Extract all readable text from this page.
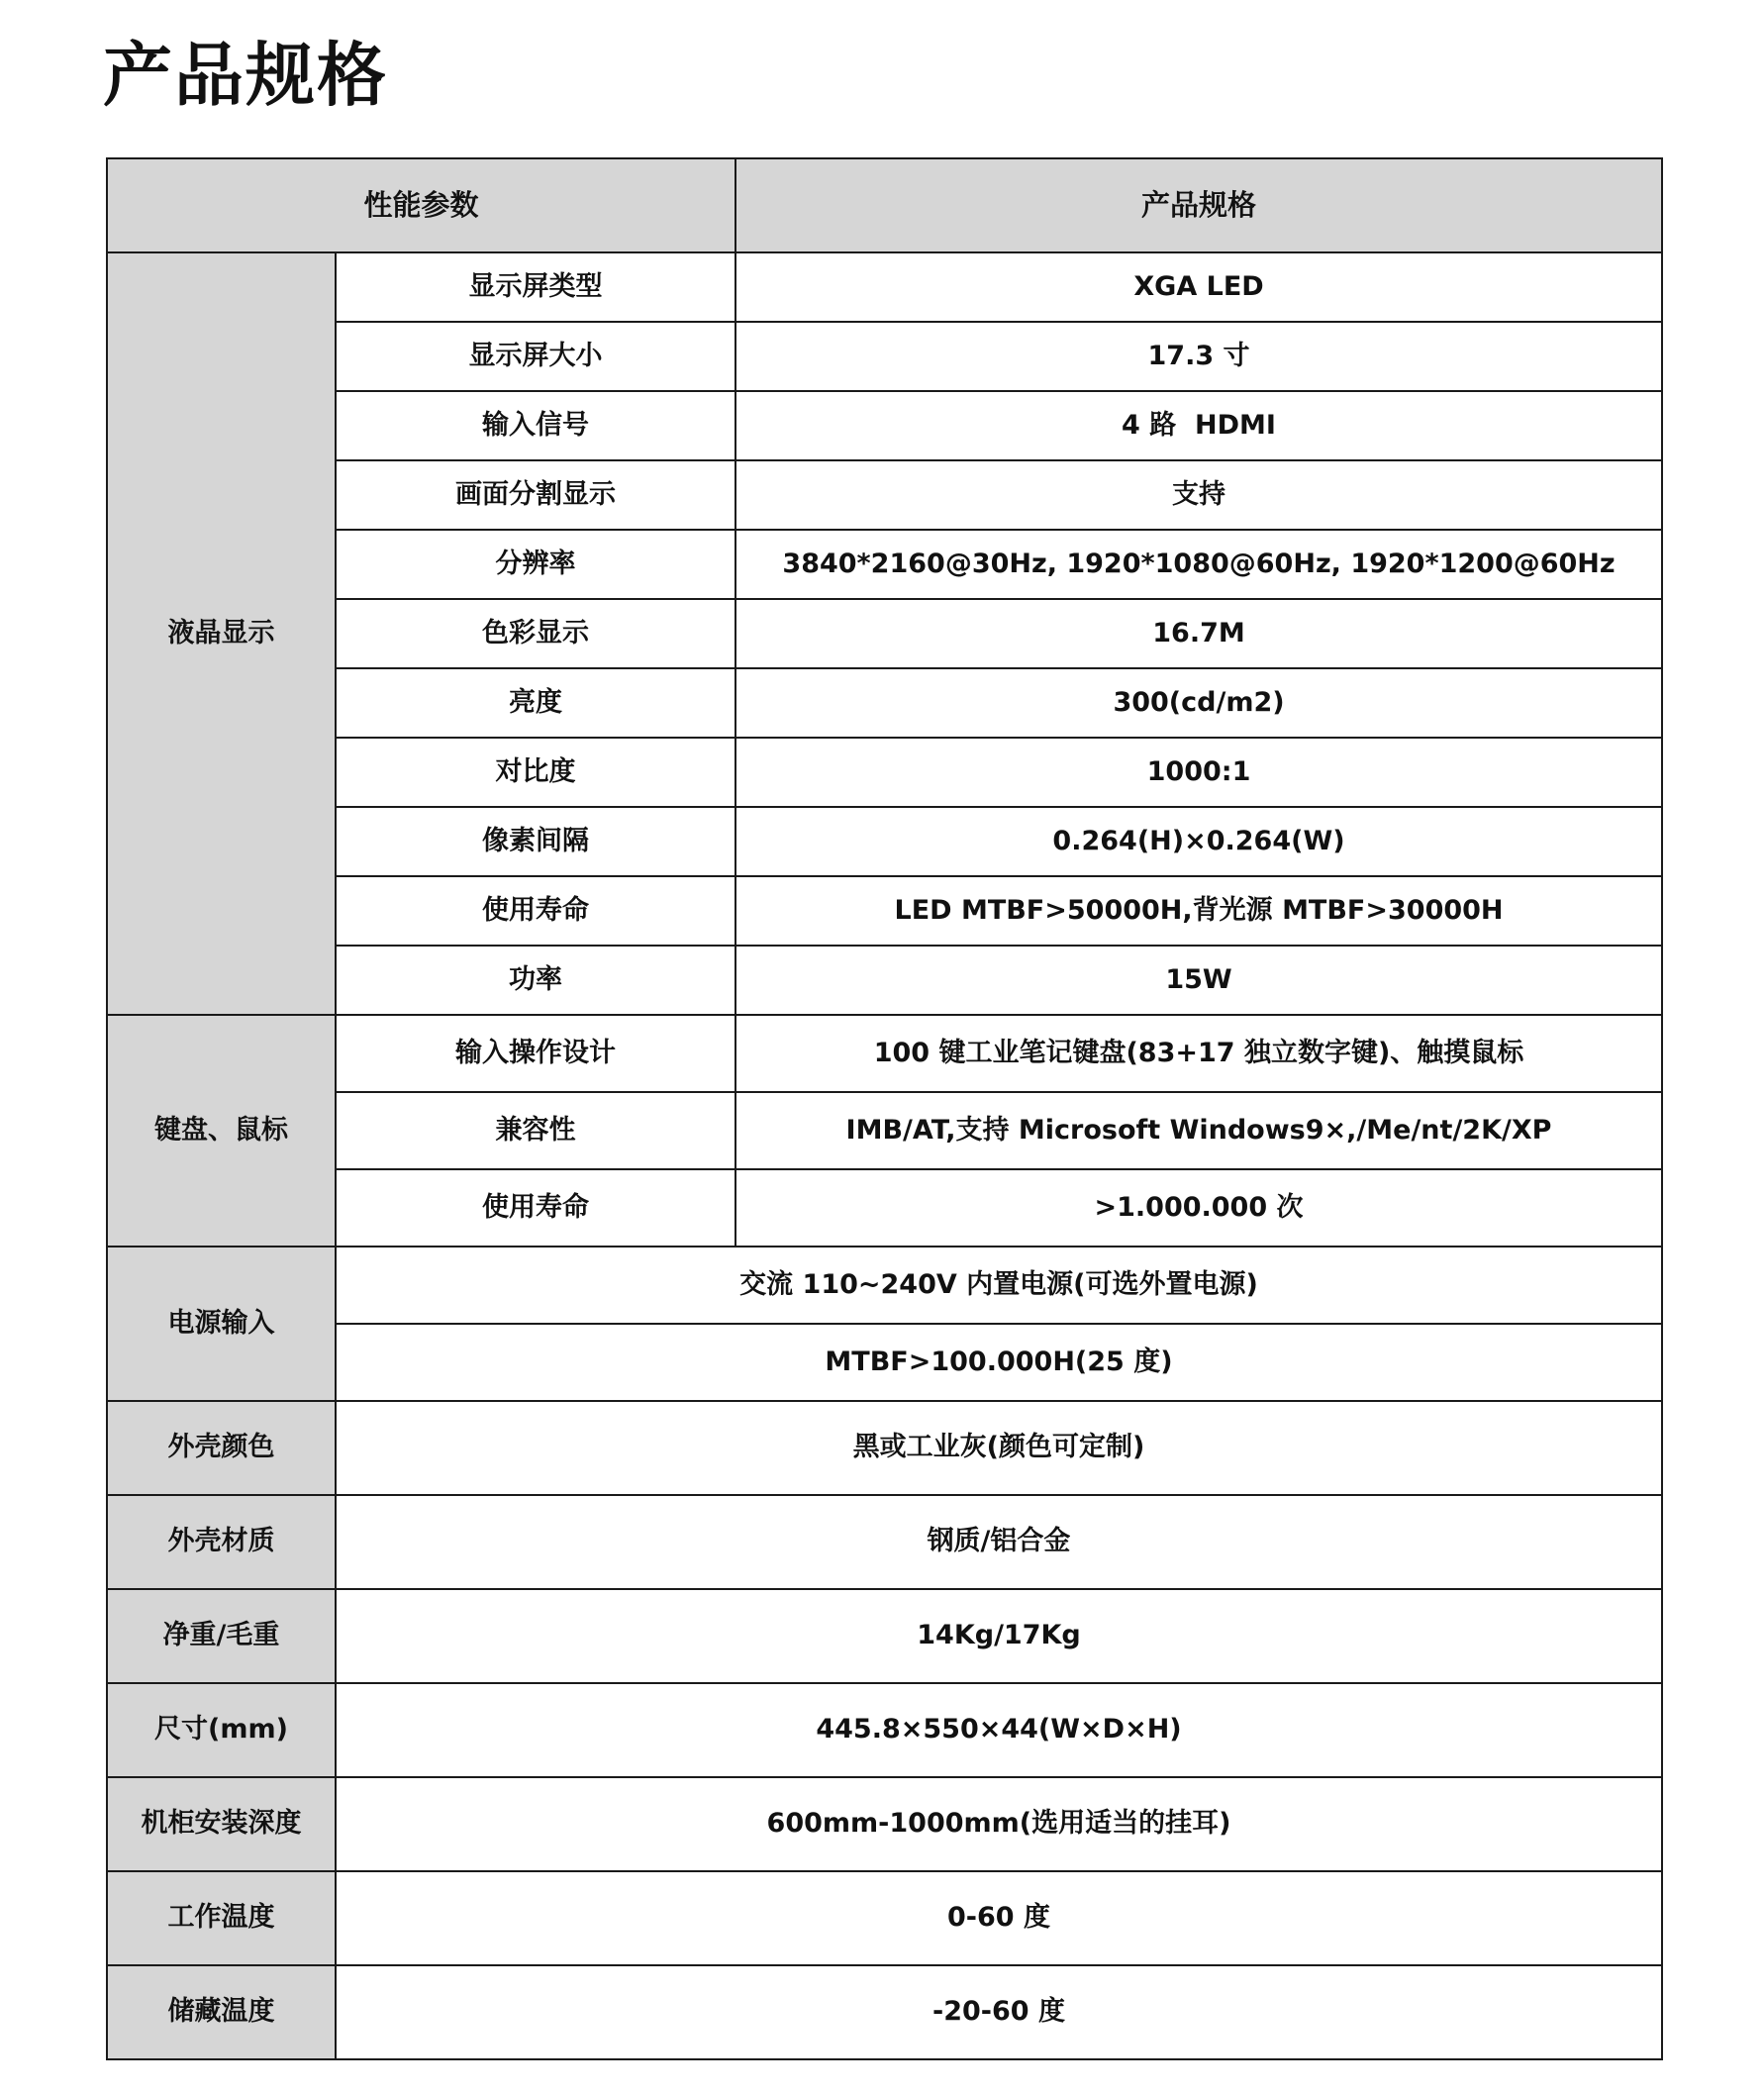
产品规格
性能参数		产品规格
液晶显示	显示屏类型	XGA LED
	显示屏大小	17.3 寸
	输入信号	4 路  HDMI
	画面分割显示	支持
	分辨率	3840*2160@30Hz, 1920*1080@60Hz, 1920*1200@60Hz
	色彩显示	16.7M
	亮度	300(cd/m2)
	对比度	1000:1
	像素间隔	0.264(H)×0.264(W)
	使用寿命	LED MTBF>50000H,背光源 MTBF>30000H
	功率	15W
键盘、鼠标	输入操作设计	100 键工业笔记键盘(83+17 独立数字键)、触摸鼠标
	兼容性	IMB/AT,支持 Microsoft Windows9×,/Me/nt/2K/XP
	使用寿命	>1.000.000 次
电源输入	交流 110~240V 内置电源(可选外置电源)	
	MTBF>100.000H(25 度)	
外壳颜色	黑或工业灰(颜色可定制)	
外壳材质	钢质/铝合金	
净重/毛重	14Kg/17Kg	
尺寸(mm)	445.8×550×44(W×D×H)	
机柜安装深度	600mm-1000mm(选用适当的挂耳)	
工作温度	0-60 度	
储藏温度	-20-60 度	
